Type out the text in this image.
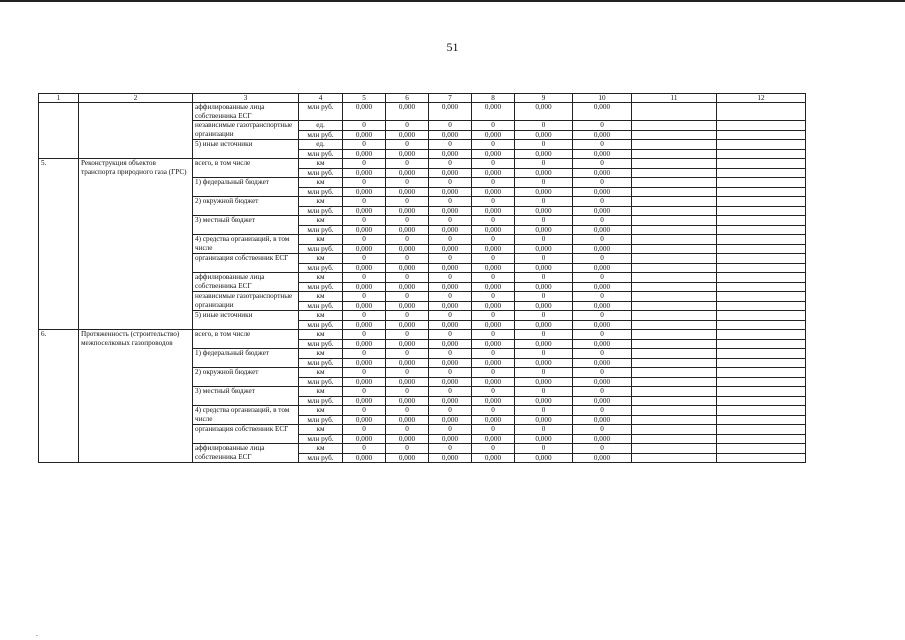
51
1	2	3	4	5	6	7	8	9	10	11	12
		аффилированные лица собственника ЕСГ	млн руб.	0,000	0,000	0,000	0,000	0,000	0,000		
		независимые газотранспортные организации	ед.	0	0	0	0	0	0		
			млн руб.	0,000	0,000	0,000	0,000	0,000	0,000		
		5) иные источники	ед.	0	0	0	0	0	0		
			млн руб.	0,000	0,000	0,000	0,000	0,000	0,000		
5.	Реконструкция объектов транспорта природного газа (ГРС)	всего, в том числе	км	0	0	0	0	0	0		
			млн руб.	0,000	0,000	0,000	0,000	0,000	0,000		
		1) федеральный бюджет	км	0	0	0	0	0	0		
			млн руб.	0,000	0,000	0,000	0,000	0,000	0,000		
		2) окружной бюджет	км	0	0	0	0	0	0		
			млн руб.	0,000	0,000	0,000	0,000	0,000	0,000		
		3) местный бюджет	км	0	0	0	0	0	0		
			млн руб.	0,000	0,000	0,000	0,000	0,000	0,000		
		4) средства организаций, в том числе	км	0	0	0	0	0	0		
			млн руб.	0,000	0,000	0,000	0,000	0,000	0,000		
		организация собственник ЕСГ	км	0	0	0	0	0	0		
			млн руб.	0,000	0,000	0,000	0,000	0,000	0,000		
		аффилированные лица собственника ЕСГ	км	0	0	0	0	0	0		
			млн руб.	0,000	0,000	0,000	0,000	0,000	0,000		
		независимые газотранспортные организации	км	0	0	0	0	0	0		
			млн руб.	0,000	0,000	0,000	0,000	0,000	0,000		
		5) иные источники	км	0	0	0	0	0	0		
			млн руб.	0,000	0,000	0,000	0,000	0,000	0,000		
6.	Протяженность (строительство) межпоселковых газопроводов	всего, в том числе	км	0	0	0	0	0	0		
			млн руб.	0,000	0,000	0,000	0,000	0,000	0,000		
		1) федеральный бюджет	км	0	0	0	0	0	0		
			млн руб.	0,000	0,000	0,000	0,000	0,000	0,000		
		2) окружной бюджет	км	0	0	0	0	0	0		
			млн руб.	0,000	0,000	0,000	0,000	0,000	0,000		
		3) местный бюджет	км	0	0	0	0	0	0		
			млн руб.	0,000	0,000	0,000	0,000	0,000	0,000		
		4) средства организаций, в том числе	км	0	0	0	0	0	0		
			млн руб.	0,000	0,000	0,000	0,000	0,000	0,000		
		организация собственник ЕСГ	км	0	0	0	0	0	0		
			млн руб.	0,000	0,000	0,000	0,000	0,000	0,000		
		аффилированные лица собственника ЕСГ	км	0	0	0	0	0	0		
			млн руб.	0,000	0,000	0,000	0,000	0,000	0,000		
.
